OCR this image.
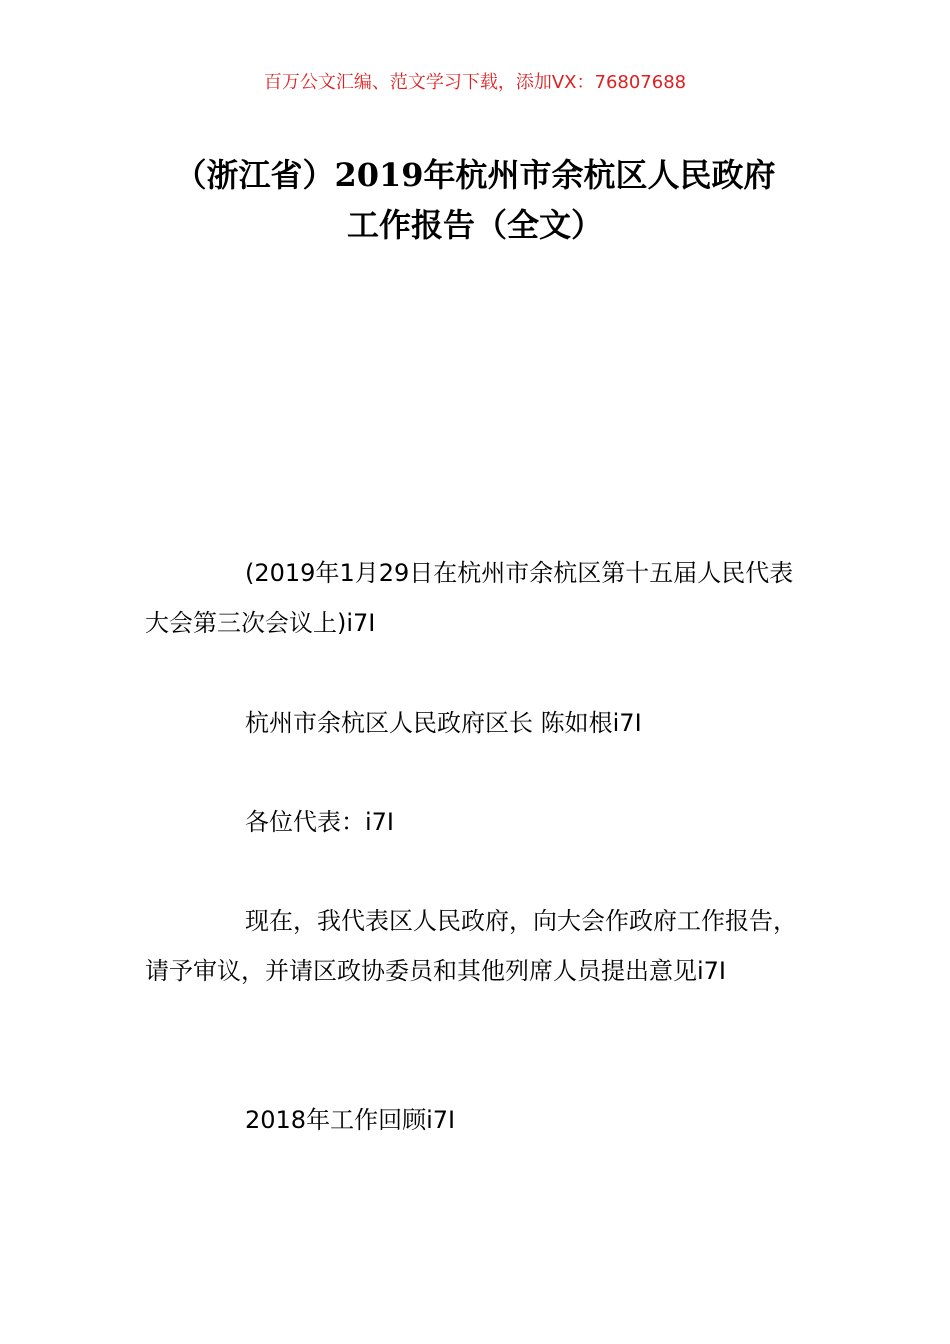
百万公文汇编、范文学习下载，添加VX：76807688
（浙江省）2019年杭州市余杭区人民政府
工作报告（全文）

(2019年1月29日在杭州市余杭区第十五届人民代表大会第三次会议上)i7I

杭州市余杭区人民政府区长 陈如根i7I

各位代表：i7I

现在，我代表区人民政府，向大会作政府工作报告，请予审议，并请区政协委员和其他列席人员提出意见i7I

2018年工作回顾i7I
